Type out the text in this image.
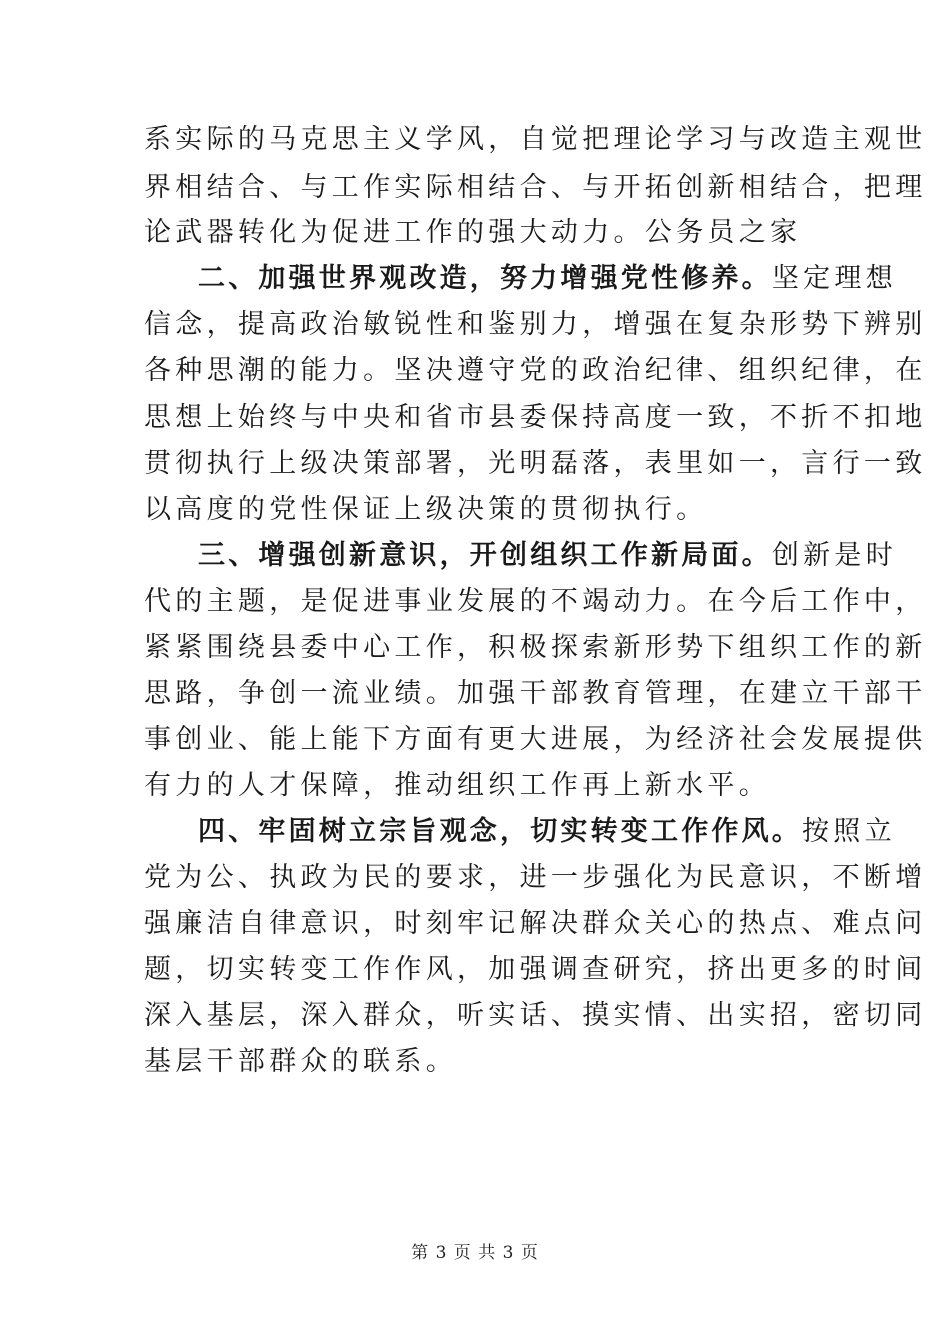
系实际的马克思主义学风，自觉把理论学习与改造主观世
界相结合、与工作实际相结合、与开拓创新相结合，把理
论武器转化为促进工作的强大动力。公务员之家
二、加强世界观改造，努力增强党性修养。坚定理想
信念，提高政治敏锐性和鉴别力，增强在复杂形势下辨别
各种思潮的能力。坚决遵守党的政治纪律、组织纪律，在
思想上始终与中央和省市县委保持高度一致，不折不扣地
贯彻执行上级决策部署，光明磊落，表里如一，言行一致
以高度的党性保证上级决策的贯彻执行。
三、增强创新意识，开创组织工作新局面。创新是时
代的主题，是促进事业发展的不竭动力。在今后工作中，
紧紧围绕县委中心工作，积极探索新形势下组织工作的新
思路，争创一流业绩。加强干部教育管理，在建立干部干
事创业、能上能下方面有更大进展，为经济社会发展提供
有力的人才保障，推动组织工作再上新水平。
四、牢固树立宗旨观念，切实转变工作作风。按照立
党为公、执政为民的要求，进一步强化为民意识，不断增
强廉洁自律意识，时刻牢记解决群众关心的热点、难点问
题，切实转变工作作风，加强调查研究，挤出更多的时间
深入基层，深入群众，听实话、摸实情、出实招，密切同
基层干部群众的联系。
第 3 页 共 3 页
